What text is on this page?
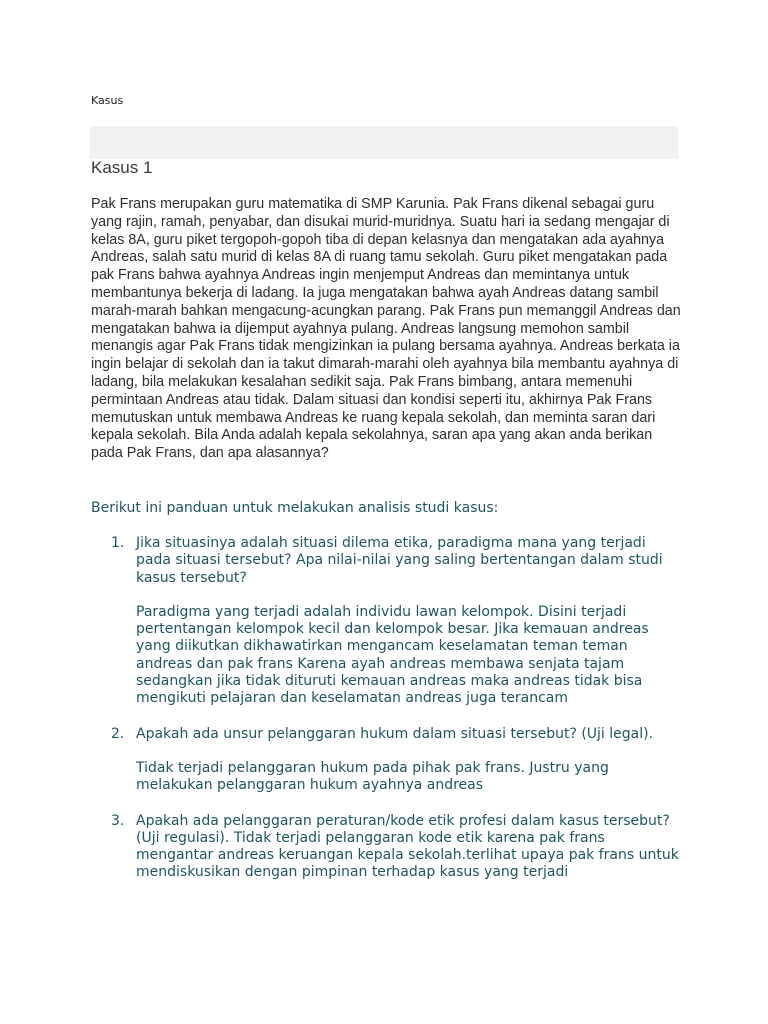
Kasus
Kasus 1

Pak Frans merupakan guru matematika di SMP Karunia. Pak Frans dikenal sebagai guru yang rajin, ramah, penyabar, dan disukai murid-muridnya. Suatu hari ia sedang mengajar di kelas 8A, guru piket tergopoh-gopoh tiba di depan kelasnya dan mengatakan ada ayahnya Andreas, salah satu murid di kelas 8A di ruang tamu sekolah. Guru piket mengatakan pada pak Frans bahwa ayahnya Andreas ingin menjemput Andreas dan memintanya untuk membantunya bekerja di ladang. Ia juga mengatakan bahwa ayah Andreas datang sambil marah-marah bahkan mengacung-acungkan parang. Pak Frans pun memanggil Andreas dan mengatakan bahwa ia dijemput ayahnya pulang. Andreas langsung memohon sambil menangis agar Pak Frans tidak mengizinkan ia pulang bersama ayahnya. Andreas berkata ia ingin belajar di sekolah dan ia takut dimarah-marahi oleh ayahnya bila membantu ayahnya di ladang, bila melakukan kesalahan sedikit saja. Pak Frans bimbang, antara memenuhi permintaan Andreas atau tidak. Dalam situasi dan kondisi seperti itu, akhirnya Pak Frans memutuskan untuk membawa Andreas ke ruang kepala sekolah, dan meminta saran dari kepala sekolah. Bila Anda adalah kepala sekolahnya, saran apa yang akan anda berikan pada Pak Frans, dan apa alasannya?

Berikut ini panduan untuk melakukan analisis studi kasus:

1. Jika situasinya adalah situasi dilema etika, paradigma mana yang terjadi pada situasi tersebut? Apa nilai-nilai yang saling bertentangan dalam studi kasus tersebut?

Paradigma yang terjadi adalah individu lawan kelompok. Disini terjadi pertentangan kelompok kecil dan kelompok besar. Jika kemauan andreas yang diikutkan dikhawatirkan mengancam keselamatan teman teman andreas dan pak frans Karena ayah andreas membawa senjata tajam sedangkan jika tidak dituruti kemauan andreas maka andreas tidak bisa mengikuti pelajaran dan keselamatan andreas juga terancam

2. Apakah ada unsur pelanggaran hukum dalam situasi tersebut? (Uji legal).

Tidak terjadi pelanggaran hukum pada pihak pak frans. Justru yang melakukan pelanggaran hukum ayahnya andreas

3. Apakah ada pelanggaran peraturan/kode etik profesi dalam kasus tersebut? (Uji regulasi). Tidak terjadi pelanggaran kode etik karena pak frans mengantar andreas keruangan kepala sekolah.terlihat upaya pak frans untuk mendiskusikan dengan pimpinan terhadap kasus yang terjadi
